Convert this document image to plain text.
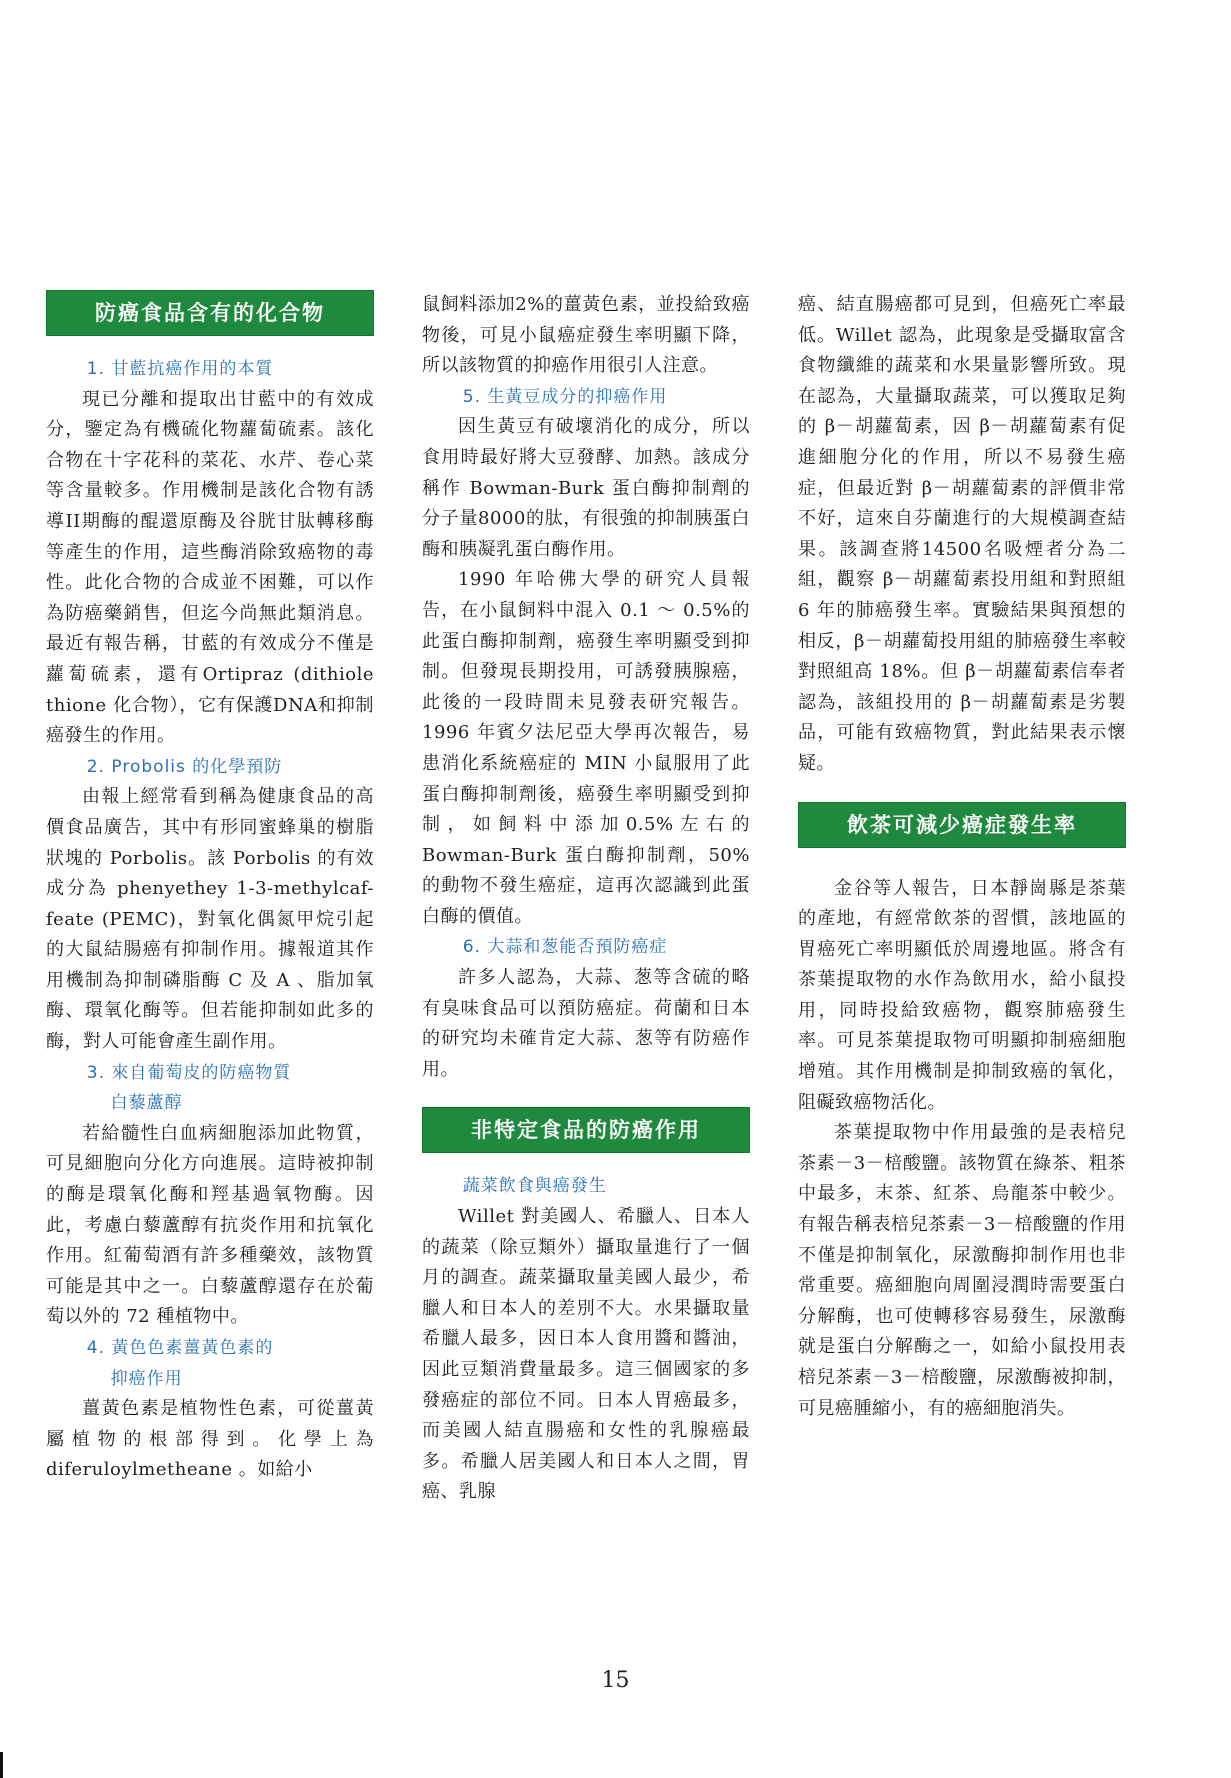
防癌食品含有的化合物
1. 甘藍抗癌作用的本質

現已分離和提取出甘藍中的有效成分，鑒定為有機硫化物蘿蔔硫素。該化合物在十字花科的菜花、水芹、卷心菜等含量較多。作用機制是該化合物有誘導II期酶的醌還原酶及谷胱甘肽轉移酶等產生的作用，這些酶消除致癌物的毒性。此化合物的合成並不困難，可以作為防癌藥銷售，但迄今尚無此類消息。最近有報告稱，甘藍的有效成分不僅是蘿蔔硫素，還有Ortipraz (dithiole thione 化合物），它有保護DNA和抑制癌發生的作用。

2. Probolis 的化學預防

由報上經常看到稱為健康食品的高價食品廣告，其中有形同蜜蜂巢的樹脂狀塊的 Porbolis。該 Porbolis 的有效成分為 phenyethey 1-3-methylcaf-feate (PEMC)，對氧化偶氮甲烷引起的大鼠結腸癌有抑制作用。據報道其作用機制為抑制磷脂酶 C 及 A 、脂加氧酶、環氧化酶等。但若能抑制如此多的酶，對人可能會產生副作用。

3. 來自葡萄皮的防癌物質
白藜蘆醇

若給髓性白血病細胞添加此物質，可見細胞向分化方向進展。這時被抑制的酶是環氧化酶和羥基過氧物酶。因此，考慮白藜蘆醇有抗炎作用和抗氧化作用。紅葡萄酒有許多種藥效，該物質可能是其中之一。白藜蘆醇還存在於葡萄以外的 72 種植物中。

4. 黃色色素薑黃色素的
抑癌作用

薑黃色素是植物性色素，可從薑黃屬植物的根部得到。化學上為 diferuloylmetheane 。如給小

鼠飼料添加2%的薑黃色素，並投給致癌物後，可見小鼠癌症發生率明顯下降，所以該物質的抑癌作用很引人注意。

5. 生黃豆成分的抑癌作用

因生黃豆有破壞消化的成分，所以食用時最好將大豆發酵、加熱。該成分稱作 Bowman-Burk 蛋白酶抑制劑的分子量8000的肽，有很強的抑制胰蛋白酶和胰凝乳蛋白酶作用。

1990 年哈佛大學的研究人員報告，在小鼠飼料中混入 0.1 ～ 0.5%的此蛋白酶抑制劑，癌發生率明顯受到抑制。但發現長期投用，可誘發胰腺癌，此後的一段時間未見發表研究報告。1996 年賓夕法尼亞大學再次報告，易患消化系統癌症的 MIN 小鼠服用了此蛋白酶抑制劑後，癌發生率明顯受到抑制，如飼料中添加0.5%左右的 Bowman-Burk 蛋白酶抑制劑，50%的動物不發生癌症，這再次認識到此蛋白酶的價值。

6. 大蒜和葱能否預防癌症

許多人認為，大蒜、葱等含硫的略有臭味食品可以預防癌症。荷蘭和日本的研究均未確肯定大蒜、葱等有防癌作用。

非特定食品的防癌作用
蔬菜飲食與癌發生

Willet 對美國人、希臘人、日本人的蔬菜（除豆類外）攝取量進行了一個月的調查。蔬菜攝取量美國人最少，希臘人和日本人的差別不大。水果攝取量希臘人最多，因日本人食用醬和醬油，因此豆類消費量最多。這三個國家的多發癌症的部位不同。日本人胃癌最多，而美國人結直腸癌和女性的乳腺癌最多。希臘人居美國人和日本人之間，胃癌、乳腺

癌、結直腸癌都可見到，但癌死亡率最低。Willet 認為，此現象是受攝取富含食物纖維的蔬菜和水果量影響所致。現在認為，大量攝取蔬菜，可以獲取足夠的 β－胡蘿蔔素，因 β－胡蘿蔔素有促進細胞分化的作用，所以不易發生癌症，但最近對 β－胡蘿蔔素的評價非常不好，這來自芬蘭進行的大規模調查結果。該調查將14500名吸煙者分為二組，觀察 β－胡蘿蔔素投用組和對照組 6 年的肺癌發生率。實驗結果與預想的相反，β－胡蘿蔔投用組的肺癌發生率較對照組高 18%。但 β－胡蘿蔔素信奉者認為，該組投用的 β－胡蘿蔔素是劣製品，可能有致癌物質，對此結果表示懷疑。

飲茶可減少癌症發生率

金谷等人報告，日本靜崗縣是茶葉的產地，有經常飲茶的習慣，該地區的胃癌死亡率明顯低於周邊地區。將含有茶葉提取物的水作為飲用水，給小鼠投用，同時投給致癌物，觀察肺癌發生率。可見茶葉提取物可明顯抑制癌細胞增殖。其作用機制是抑制致癌的氧化，阻礙致癌物活化。

茶葉提取物中作用最強的是表棓兒茶素－3－棓酸鹽。該物質在綠茶、粗茶中最多，末茶、紅茶、烏龍茶中較少。有報告稱表棓兒茶素－3－棓酸鹽的作用不僅是抑制氧化，尿激酶抑制作用也非常重要。癌細胞向周圍浸潤時需要蛋白分解酶，也可使轉移容易發生，尿激酶就是蛋白分解酶之一，如給小鼠投用表棓兒茶素－3－棓酸鹽，尿激酶被抑制，可見癌腫縮小，有的癌細胞消失。

15
